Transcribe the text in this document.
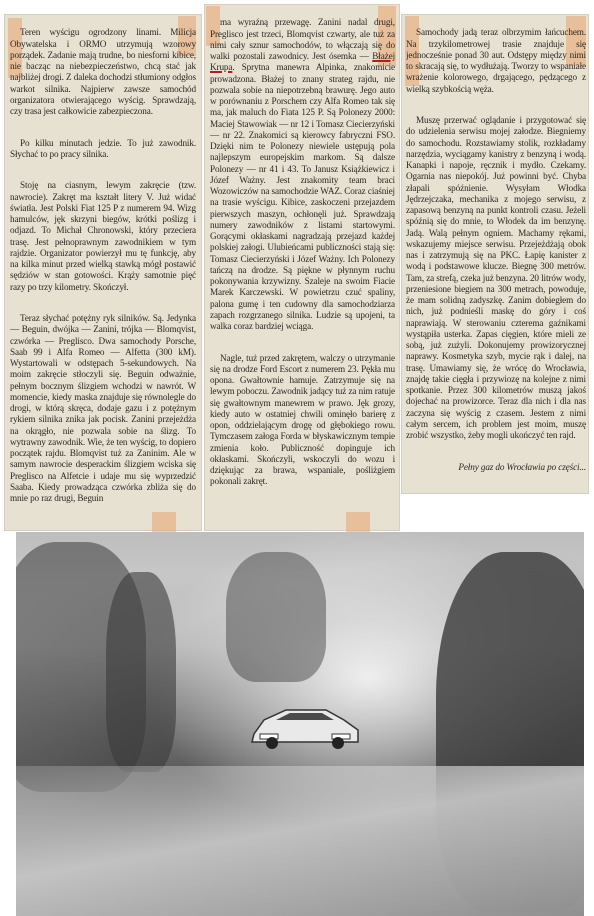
Teren wyścigu ogrodzony linami. Milicja Obywatelska i ORMO utrzymują wzorowy porządek. Zadanie mają trudne, bo niesforni kibice, nie bacząc na niebezpieczeństwo, chcą stać jak najbliżej drogi. Z daleka dochodzi stłumiony odgłos warkot silnika. Najpierw zawsze samochód organizatora otwierającego wyścig. Sprawdzają, czy trasa jest całkowicie zabezpieczona.

Po kilku minutach jedzie. To już zawodnik. Słychać to po pracy silnika.

Stoję na ciasnym, lewym zakręcie (tzw. nawrocie). Zakręt ma kształt litery V. Już widać światła. Jest Polski Fiat 125 P z numerem 94. Wizg hamulców, jęk skrzyni biegów, krótki poślizg i odjazd. To Michał Chronowski, który przeciera trasę. Jest pełnoprawnym zawodnikiem w tym rajdzie. Organizator powierzył mu tę funkcję, aby na kilka minut przed wielką stawką mógł postawić sędziów w stan gotowości. Krąży samotnie pięć razy po trzy kilometry. Skończył.

Teraz słychać potężny ryk silników. Są. Jedynka — Beguin, dwójka — Zanini, trójka — Blomqvist, czwórka — Preglisco. Dwa samochody Porsche, Saab 99 i Alfa Romeo — Alfetta (300 kM). Wystartowali w odstępach 5-sekundowych. Na moim zakręcie stłoczyli się. Beguin odważnie, pełnym bocznym ślizgiem wchodzi w nawrót. W momencie, kiedy maska znajduje się równolegle do drogi, w którą skręca, dodaje gazu i z potężnym rykiem silnika znika jak pocisk. Zanini przejeżdża na okrągło, nie pozwala sobie na ślizg. To wytrawny zawodnik. Wie, że ten wyścig, to dopiero początek rajdu. Blomqvist tuż za Zaninim. Ale w samym nawrocie desperackim ślizgiem wciska się Preglisco na Alfetcie i udaje mu się wyprzedzić Saaba. Kiedy prowadząca czwórka zbliża się do mnie po raz drugi, Beguin

ma wyraźną przewagę. Zanini nadal drugi, Preglisco jest trzeci, Blomqvist czwarty, ale tuż za nimi cały sznur samochodów, to włączają się do walki pozostali zawodnicy. Jest ósemka — Błażej Krupa. Sprytna manewra Alpinka, znakomicie prowadzona. Błażej to znany strateg rajdu, nie pozwala sobie na niepotrzebną brawurę. Jego auto w porównaniu z Porschem czy Alfa Romeo tak się ma, jak maluch do Fiata 125 P. Są Polonezy 2000: Maciej Stawowiak — nr 12 i Tomasz Ciecierzyński — nr 22. Znakomici są kierowcy fabryczni FSO. Dzięki nim te Polonezy niewiele ustępują pola najlepszym europejskim markom. Są dalsze Polonezy — nr 41 i 43. To Janusz Książkiewicz i Józef Ważny. Jest znakomity team braci Wozowiczów na samochodzie WAZ. Coraz ciaśniej na trasie wyścigu. Kibice, zaskoczeni przejazdem pierwszych maszyn, ochłonęli już. Sprawdzają numery zawodników z listami startowymi. Gorącymi okłaskami nagradzają przejazd każdej polskiej załogi. Ulubieńcami publiczności stają się: Tomasz Ciecierzyński i Józef Ważny. Ich Polonezy tańczą na drodze. Są piękne w płynnym ruchu pokonywania krzywizny. Szaleje na swoim Fiacie Marek Karczewski. W powietrzu czuć spaliny, palona gumę i ten cudowny dla samochodziarza zapach rozgrzanego silnika. Ludzie są upojeni, ta walka coraz bardziej wciąga.

Nagle, tuż przed zakrętem, walczy o utrzymanie się na drodze Ford Escort z numerem 23. Pękła mu opona. Gwałtownie hamuje. Zatrzymuje się na lewym poboczu. Zawodnik jadący tuż za nim ratuje się gwałtownym manewrem w prawo. Jęk grozy, kiedy auto w ostatniej chwili ominęło barierę z opon, oddzielającym drogę od głębokiego rowu. Tymczasem załoga Forda w błyskawicznym tempie zmienia koło. Publiczność dopinguje ich okłaskami. Skończyli, wskoczyli do wozu i dziękując za brawa, wspaniale, pośliżgiem pokonali zakręt.

Samochody jadą teraz olbrzymim łańcuchem. Na trzykilometrowej trasie znajduje się jednocześnie ponad 30 aut. Odstępy między nimi to skracają się, to wydłużają. Tworzy to wspaniałe wrażenie kolorowego, drgającego, pędzącego z wielką szybkością węża.

Muszę przerwać oglądanie i przygotować się do udzielenia serwisu mojej załodze. Biegniemy do samochodu. Rozstawiamy stolik, rozkładamy narzędzia, wyciągamy kanistry z benzyną i wodą. Kanapki i napoje, ręcznik i mydło. Czekamy. Ogarnia nas niepokój. Już powinni być. Chyba złapali spóźnienie. Wysyłam Włodka Jędrzejczaka, mechanika z mojego serwisu, z zapasową benzyną na punkt kontroli czasu. Jeżeli spóźnią się do mnie, to Włodek da im benzynę. Jadą. Walą pełnym ogniem. Machamy rękami, wskazujemy miejsce serwisu. Przejeżdżają obok nas i zatrzymują się na PKC. Łapię kanister z wodą i podstawowe klucze. Biegnę 300 metrów. Tam, za strefą, czeka już benzyna. 20 litrów wody, przeniesione biegiem na 300 metrach, powoduje, że mam solidną zadyszkę. Zanim dobiegłem do nich, już podnieśli maskę do góry i coś naprawiają. W sterowaniu czterema gaźnikami wystąpiła usterka. Zapas cięgien, które mieli ze sobą, już zużyli. Dokonujemy prowizorycznej naprawy. Kosmetyka szyb, mycie rąk i dalej, na trasę. Umawiamy się, że wrócę do Wrocławia, znajdę takie cięgła i przywiozę na kolejne z nimi spotkanie. Przez 300 kilometrów muszą jakoś dojechać na prowizorce. Teraz dla nich i dla nas zaczyna się wyścig z czasem. Jestem z nimi całym sercem, ich problem jest moim, muszę zrobić wszystko, żeby mogli ukończyć ten rajd.

Pełny gaz do Wrocławia po części...
